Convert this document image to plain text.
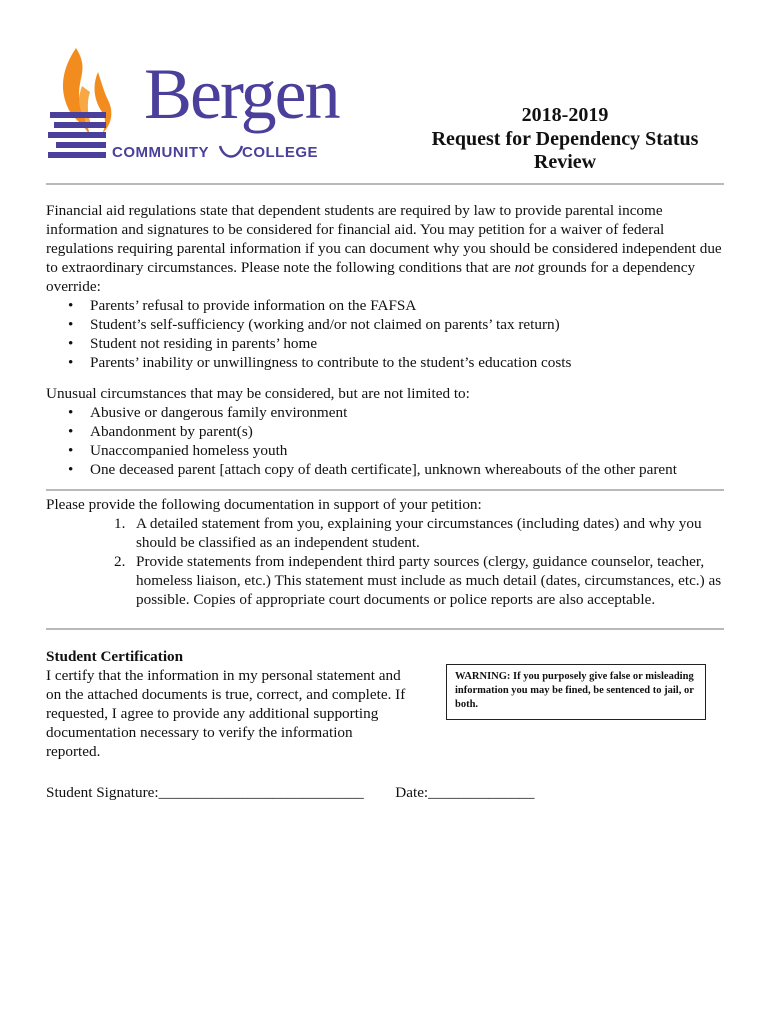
Bergen
COMMUNITY COLLEGE
2018-2019
Request for Dependency Status Review

Financial aid regulations state that dependent students are required by law to provide parental income information and signatures to be considered for financial aid. You may petition for a waiver of federal regulations requiring parental information if you can document why you should be considered independent due to extraordinary circumstances. Please note the following conditions that are not grounds for a dependency override:

• Parents’ refusal to provide information on the FAFSA
• Student’s self-sufficiency (working and/or not claimed on parents’ tax return)
• Student not residing in parents’ home
• Parents’ inability or unwillingness to contribute to the student’s education costs

Unusual circumstances that may be considered, but are not limited to:

• Abusive or dangerous family environment
• Abandonment by parent(s)
• Unaccompanied homeless youth
• One deceased parent [attach copy of death certificate], unknown whereabouts of the other parent

Please provide the following documentation in support of your petition:

1. A detailed statement from you, explaining your circumstances (including dates) and why you should be classified as an independent student.
2. Provide statements from independent third party sources (clergy, guidance counselor, teacher, homeless liaison, etc.) This statement must include as much detail (dates, circumstances, etc.) as possible. Copies of appropriate court documents or police reports are also acceptable.

Student Certification

I certify that the information in my personal statement and on the attached documents is true, correct, and complete. If requested, I agree to provide any additional supporting documentation necessary to verify the information reported.

WARNING: If you purposely give false or misleading information you may be fined, be sentenced to jail, or both.
Student Signature:___________________________ Date:______________
